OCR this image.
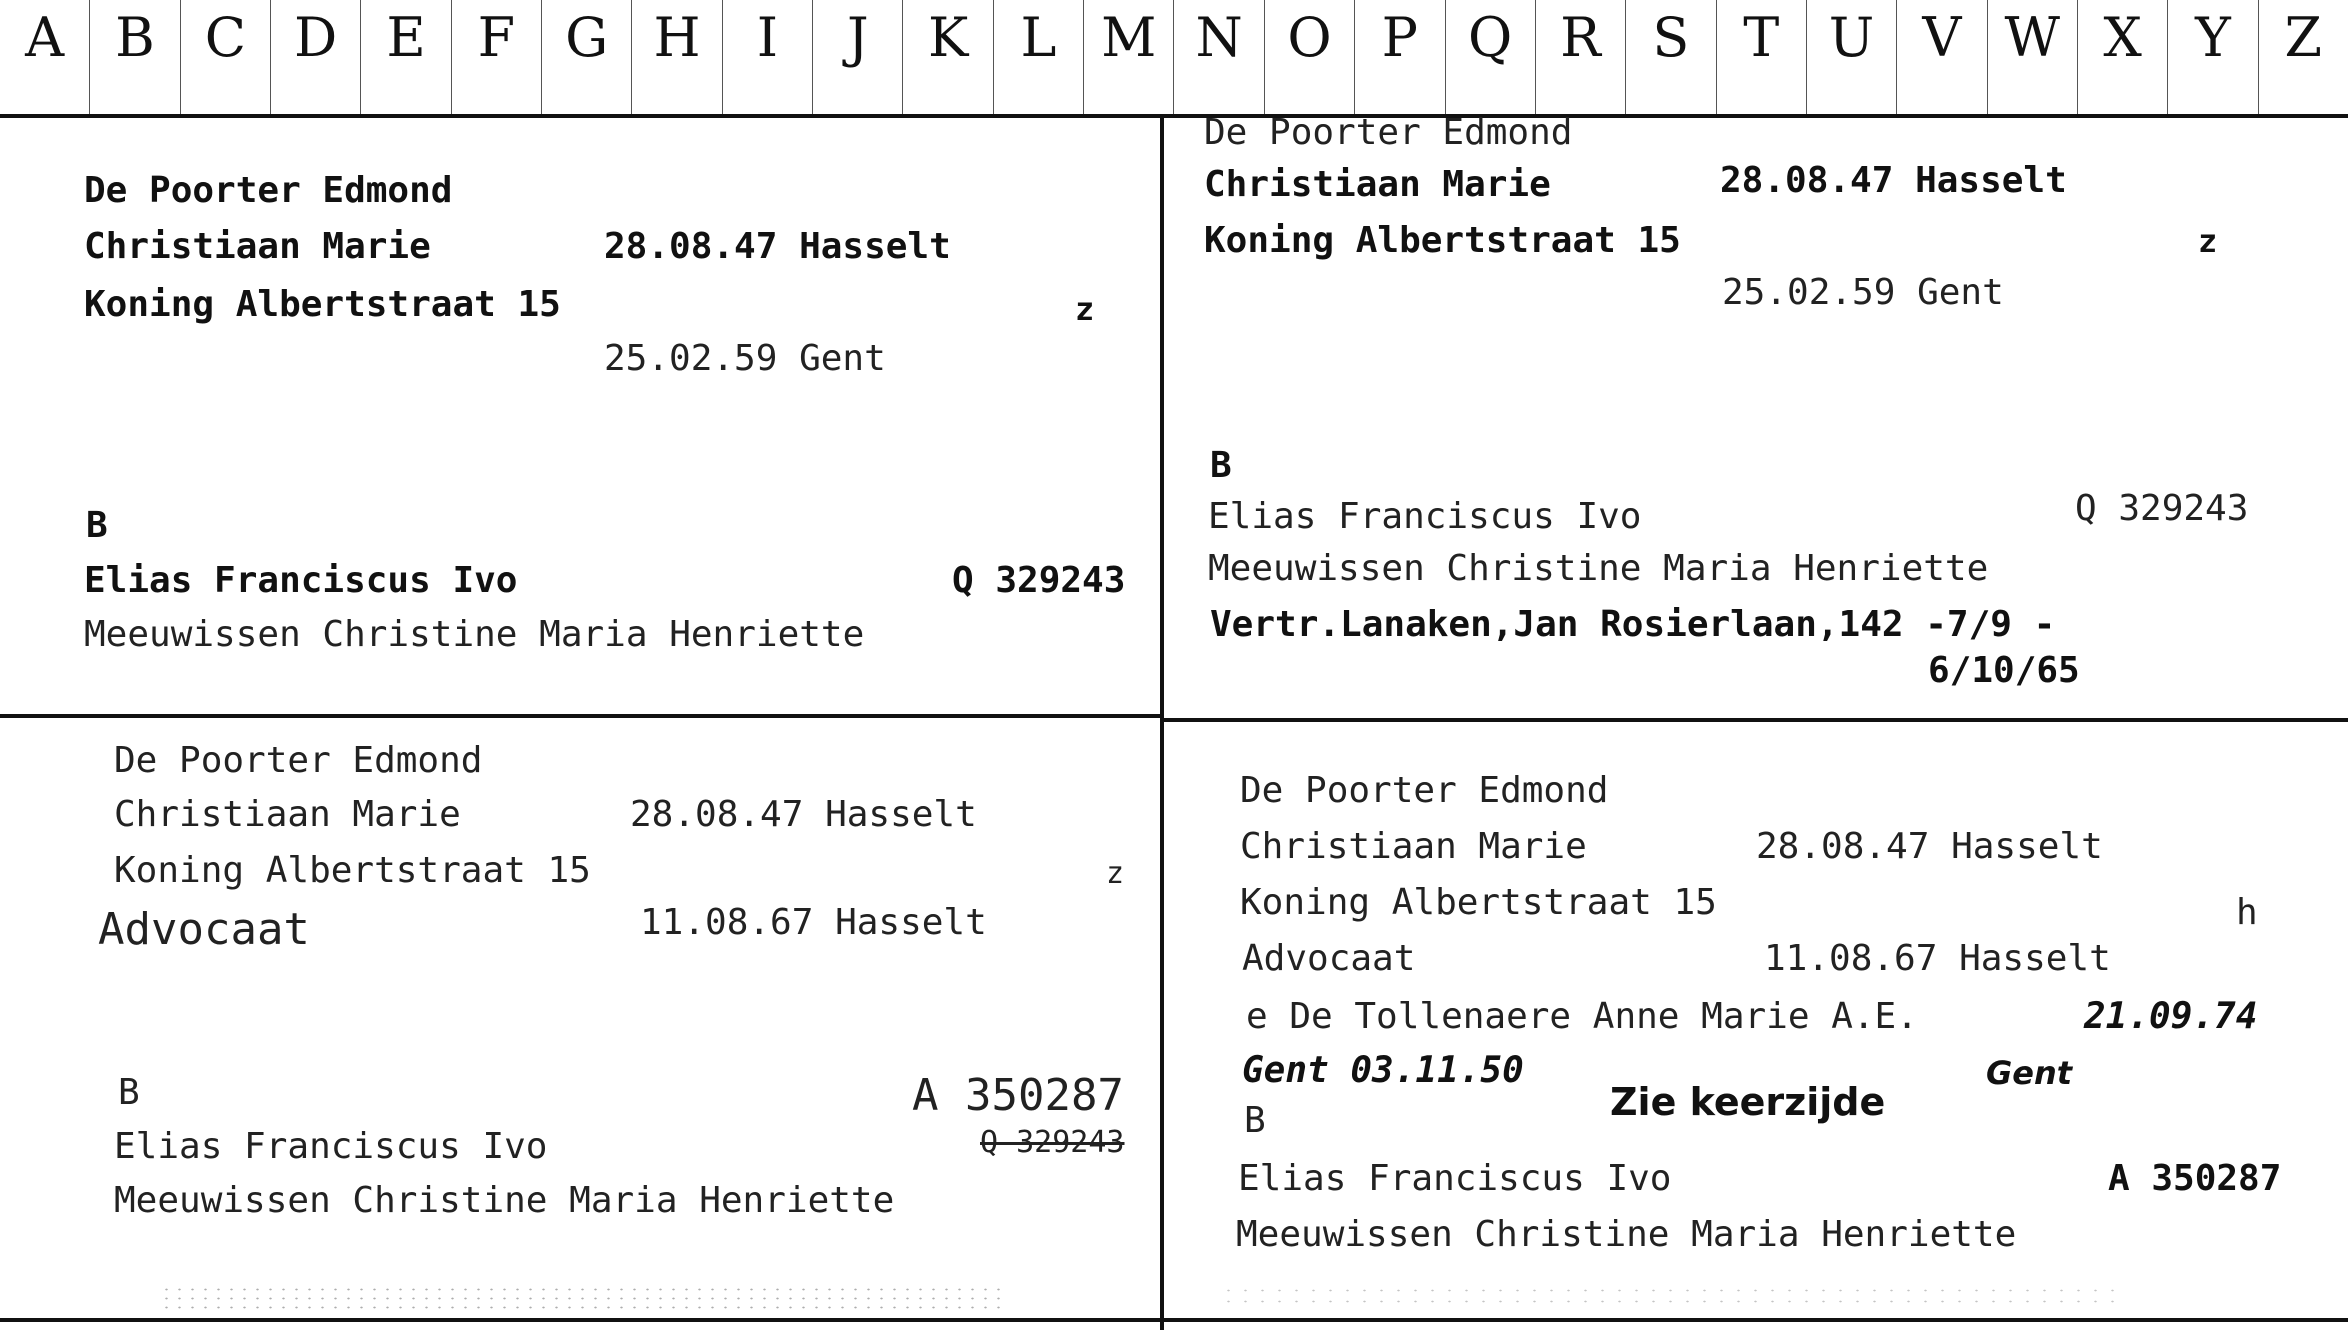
A B C D E F G H	I	J	K L M N O P Q R S T U V W X Y Z
De Poorter Edmond
Christiaan Marie	28.08.47 Hasselt
Koning Albertstraat 15	z
25.02.59 Gent
B
Elias Franciscus Ivo	Q 329243
Meeuwissen Christine Maria Henriette
De Poorter Edmond
Christiaan Marie	28.08.47 Hasselt
Koning Albertstraat 15	z
25.02.59 Gent
B
Elias Franciscus Ivo	Q 329243
Meeuwissen Christine Maria Henriette
Vertr.Lanaken,Jan Rosierlaan,142 -7/9 -
6/10/65
De Poorter Edmond
Christiaan Marie	28.08.47 Hasselt
Koning Albertstraat 15	z
Advocaat	11.08.67 Hasselt
B	A 350287
Q 329243
Elias Franciscus Ivo
Meeuwissen Christine Maria Henriette
De Poorter Edmond
Christiaan Marie	28.08.47 Hasselt
Koning Albertstraat 15	h
Advocaat	11.08.67 Hasselt
e De Tollenaere Anne Marie A.E.	21.09.74
Gent 03.11.50
Zie keerzijde
Gent
B
Elias Franciscus Ivo	A 350287
Meeuwissen Christine Maria Henriette
